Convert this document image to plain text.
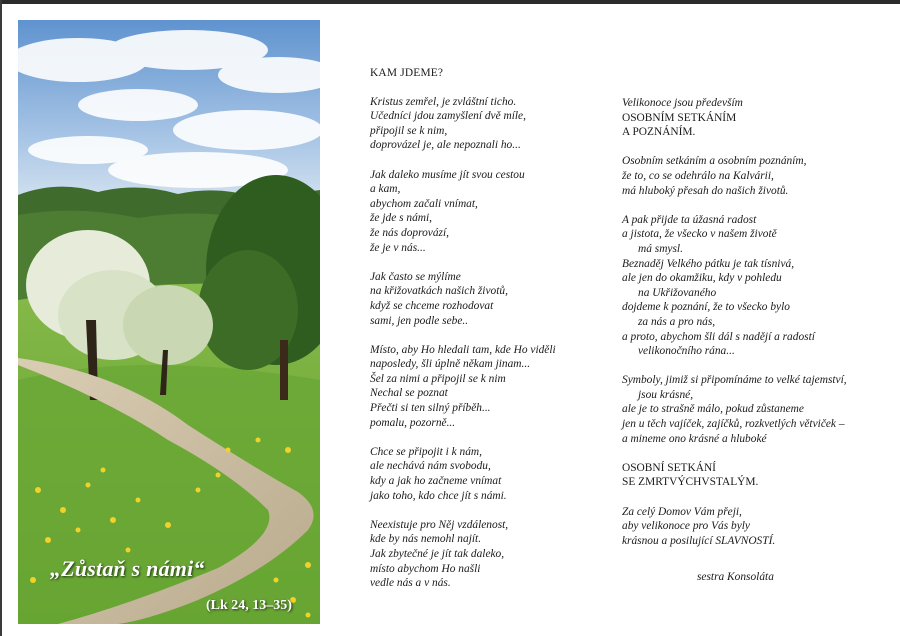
„Zůstaň s námi“
(Lk 24, 13–35)
KAM JDEME?
Kristus zemřel, je zvláštní ticho.
Učedníci jdou zamyšlení dvě míle,
připojil se k nim,
doprovázel je, ale nepoznali ho...
Jak daleko musíme jít svou cestou
a kam,
abychom začali vnímat,
že jde s námi,
že nás doprovází,
že je v nás...
Jak často se mýlíme
na křižovatkách našich životů,
když se chceme rozhodovat
sami, jen podle sebe..
Místo, aby Ho hledali tam, kde Ho viděli
naposledy, šli úplně někam jinam...
Šel za nimi a připojil se k nim
Nechal se poznat
Přečti si ten silný příběh...
pomalu, pozorně...
Chce se připojit i k nám,
ale nechává nám svobodu,
kdy a jak ho začneme vnímat
jako toho, kdo chce jít s námi.
Neexistuje pro Něj vzdálenost,
kde by nás nemohl najít.
Jak zbytečné je jít tak daleko,
místo abychom Ho našli
vedle nás a v nás.
Velikonoce jsou především
OSOBNÍM SETKÁNÍM
A POZNÁNÍM.
Osobním setkáním a osobním poznáním,
že to, co se odehrálo na Kalvárii,
má hluboký přesah do našich životů.
A pak přijde ta úžasná radost
a jistota, že všecko v našem životě
má smysl.
Beznaděj Velkého pátku je tak tísnivá,
ale jen do okamžiku, kdy v pohledu
na Ukřižovaného
dojdeme k poznání, že to všecko bylo
za nás a pro nás,
a proto, abychom šli dál s nadějí a radostí
velikonočního rána...
Symboly, jimiž si připomínáme to velké tajemství,
jsou krásné,
ale je to strašně málo, pokud zůstaneme
jen u těch vajíček, zajíčků, rozkvetlých větviček –
a mineme ono krásné a hluboké
OSOBNÍ SETKÁNÍ
SE ZMRTVÝCHVSTALÝM.
Za celý Domov Vám přeji,
aby velikonoce pro Vás byly
krásnou a posilující SLAVNOSTÍ.
sestra Konsoláta
